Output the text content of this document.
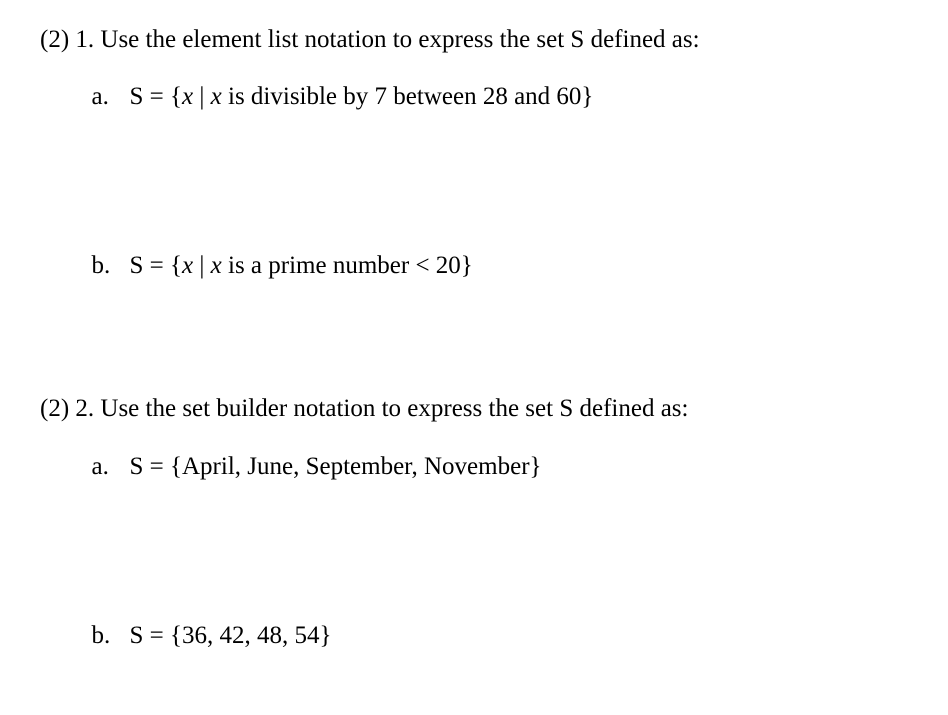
(2) 1. Use the element list notation to express the set S defined as:

a. S = {x | x is divisible by 7 between 28 and 60}

b. S = {x | x is a prime number < 20}

(2) 2. Use the set builder notation to express the set S defined as:

a. S = {April, June, September, November}

b. S = {36, 42, 48, 54}
